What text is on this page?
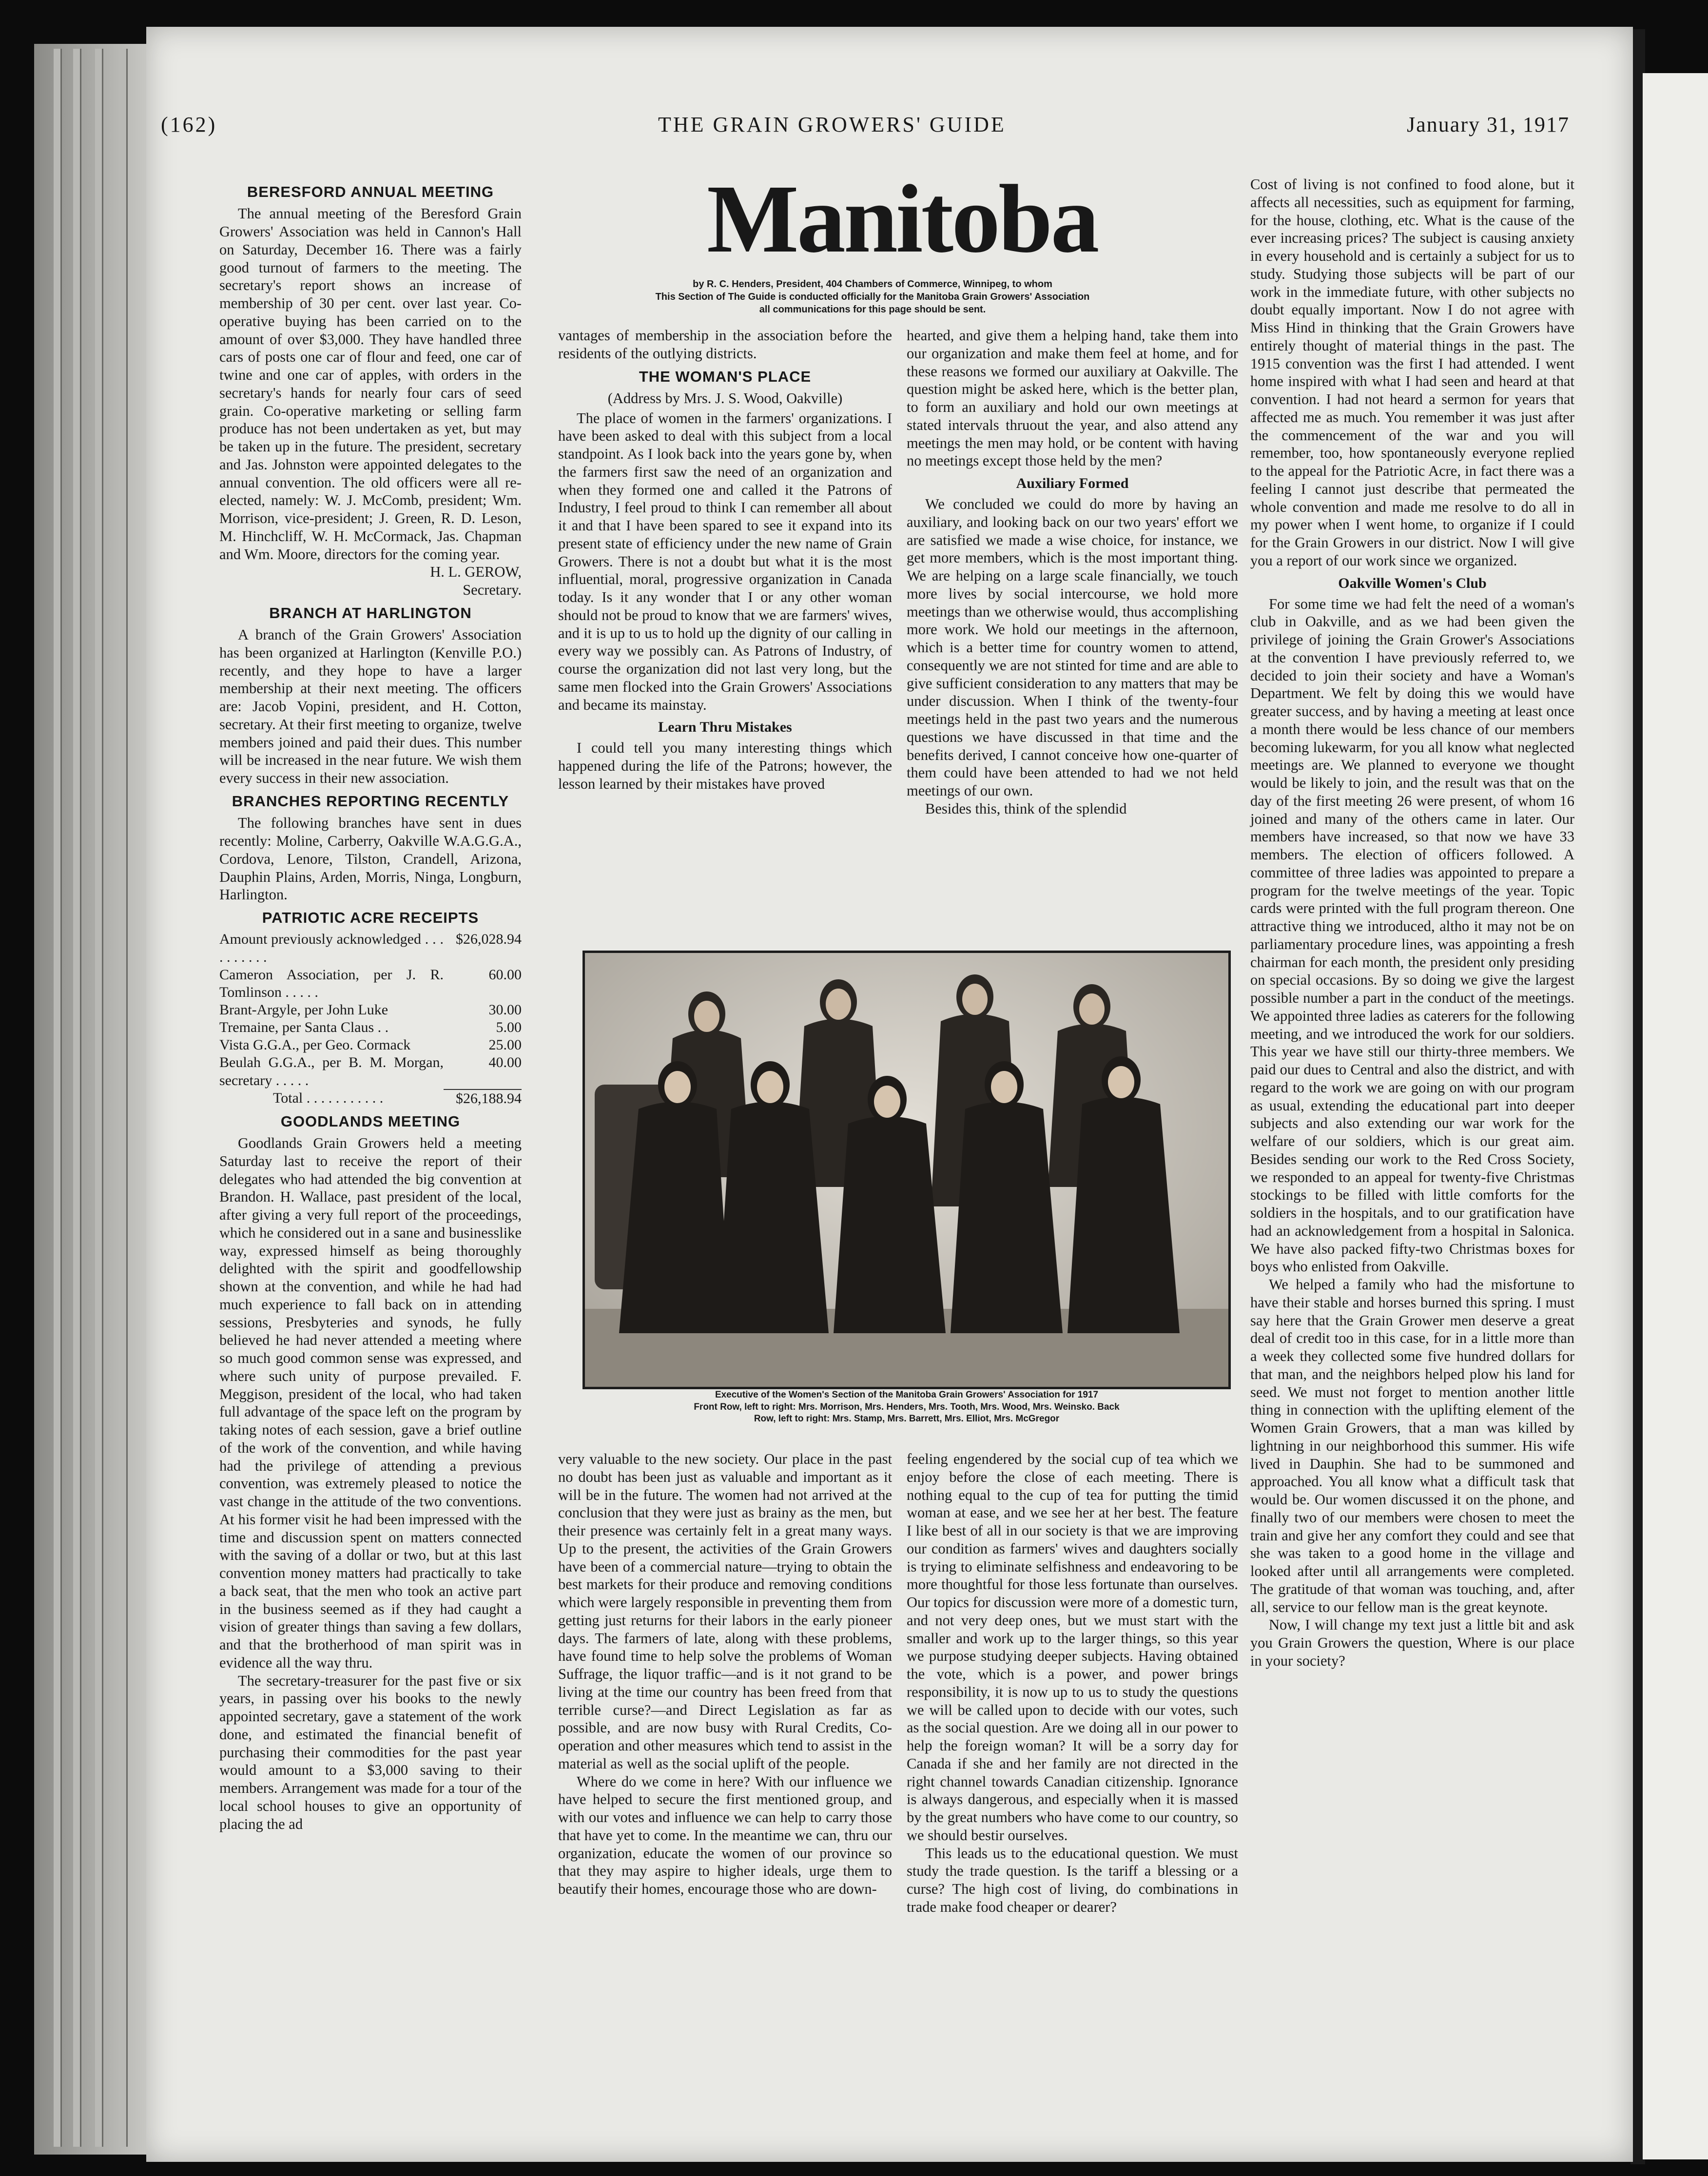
(162)	THE GRAIN GROWERS' GUIDE	January 31, 1917
Manitoba
by R. C. Henders, President, 404 Chambers of Commerce, Winnipeg, to whom
This Section of The Guide is conducted officially for the Manitoba Grain Growers' Association
all communications for this page should be sent.
BERESFORD ANNUAL MEETING

The annual meeting of the Beresford Grain Growers' Association was held in Cannon's Hall on Saturday, December 16. There was a fairly good turnout of farmers to the meeting. The secretary's report shows an increase of membership of 30 per cent. over last year. Co-operative buying has been carried on to the amount of over $3,000. They have handled three cars of posts one car of flour and feed, one car of twine and one car of apples, with orders in the secretary's hands for nearly four cars of seed grain. Co-operative marketing or selling farm produce has not been undertaken as yet, but may be taken up in the future. The president, secretary and Jas. Johnston were appointed delegates to the annual convention. The old officers were all re-elected, namely: W. J. McComb, president; Wm. Morrison, vice-president; J. Green, R. D. Leson, M. Hinchcliff, W. H. McCormack, Jas. Chapman and Wm. Moore, directors for the coming year.

H. L. GEROW,

Secretary.

BRANCH AT HARLINGTON

A branch of the Grain Growers' Association has been organized at Harlington (Kenville P.O.) recently, and they hope to have a larger membership at their next meeting. The officers are: Jacob Vopini, president, and H. Cotton, secretary. At their first meeting to organize, twelve members joined and paid their dues. This number will be increased in the near future. We wish them every success in their new association.

BRANCHES REPORTING RECENTLY

The following branches have sent in dues recently: Moline, Carberry, Oakville W.A.G.G.A., Cordova, Lenore, Tilston, Crandell, Arizona, Dauphin Plains, Arden, Morris, Ninga, Longburn, Harlington.

PATRIOTIC ACRE RECEIPTS
Amount previously acknowledged . . . . . . . . . .	$26,028.94
Cameron Association, per J. R. Tomlinson . . . . .	60.00
Brant-Argyle, per John Luke	30.00
Tremaine, per Santa Claus . .	5.00
Vista G.G.A., per Geo. Cormack	25.00
Beulah G.G.A., per B. M. Morgan, secretary . . . . .	40.00
Total . . . . . . . . . . .	$26,188.94
GOODLANDS MEETING

Goodlands Grain Growers held a meeting Saturday last to receive the report of their delegates who had attended the big convention at Brandon. H. Wallace, past president of the local, after giving a very full report of the proceedings, which he considered out in a sane and businesslike way, expressed himself as being thoroughly delighted with the spirit and goodfellowship shown at the convention, and while he had had much experience to fall back on in attending sessions, Presbyteries and synods, he fully believed he had never attended a meeting where so much good common sense was expressed, and where such unity of purpose prevailed. F. Meggison, president of the local, who had taken full advantage of the space left on the program by taking notes of each session, gave a brief outline of the work of the convention, and while having had the privilege of attending a previous convention, was extremely pleased to notice the vast change in the attitude of the two conventions. At his former visit he had been impressed with the time and discussion spent on matters connected with the saving of a dollar or two, but at this last convention money matters had practically to take a back seat, that the men who took an active part in the business seemed as if they had caught a vision of greater things than saving a few dollars, and that the brotherhood of man spirit was in evidence all the way thru.

The secretary-treasurer for the past five or six years, in passing over his books to the newly appointed secretary, gave a statement of the work done, and estimated the financial benefit of purchasing their commodities for the past year would amount to a $3,000 saving to their members. Arrangement was made for a tour of the local school houses to give an opportunity of placing the ad

vantages of membership in the association before the residents of the outlying districts.

THE WOMAN'S PLACE

(Address by Mrs. J. S. Wood, Oakville)

The place of women in the farmers' organizations. I have been asked to deal with this subject from a local standpoint. As I look back into the years gone by, when the farmers first saw the need of an organization and when they formed one and called it the Patrons of Industry, I feel proud to think I can remember all about it and that I have been spared to see it expand into its present state of efficiency under the new name of Grain Growers. There is not a doubt but what it is the most influential, moral, progressive organization in Canada today. Is it any wonder that I or any other woman should not be proud to know that we are farmers' wives, and it is up to us to hold up the dignity of our calling in every way we possibly can. As Patrons of Industry, of course the organization did not last very long, but the same men flocked into the Grain Growers' Associations and became its mainstay.

Learn Thru Mistakes

I could tell you many interesting things which happened during the life of the Patrons; however, the lesson learned by their mistakes have proved

hearted, and give them a helping hand, take them into our organization and make them feel at home, and for these reasons we formed our auxiliary at Oakville. The question might be asked here, which is the better plan, to form an auxiliary and hold our own meetings at stated intervals thruout the year, and also attend any meetings the men may hold, or be content with having no meetings except those held by the men?

Auxiliary Formed

We concluded we could do more by having an auxiliary, and looking back on our two years' effort we are satisfied we made a wise choice, for instance, we get more members, which is the most important thing. We are helping on a large scale financially, we touch more lives by social intercourse, we hold more meetings than we otherwise would, thus accomplishing more work. We hold our meetings in the afternoon, which is a better time for country women to attend, consequently we are not stinted for time and are able to give sufficient consideration to any matters that may be under discussion. When I think of the twenty-four meetings held in the past two years and the numerous questions we have discussed in that time and the benefits derived, I cannot conceive how one-quarter of them could have been attended to had we not held meetings of our own.

Besides this, think of the splendid

Executive of the Women's Section of the Manitoba Grain Growers' Association for 1917
Front Row, left to right: Mrs. Morrison, Mrs. Henders, Mrs. Tooth, Mrs. Wood, Mrs. Weinsko. Back
Row, left to right: Mrs. Stamp, Mrs. Barrett, Mrs. Elliot, Mrs. McGregor

very valuable to the new society. Our place in the past no doubt has been just as valuable and important as it will be in the future. The women had not arrived at the conclusion that they were just as brainy as the men, but their presence was certainly felt in a great many ways. Up to the present, the activities of the Grain Growers have been of a commercial nature—trying to obtain the best markets for their produce and removing conditions which were largely responsible in preventing them from getting just returns for their labors in the early pioneer days. The farmers of late, along with these problems, have found time to help solve the problems of Woman Suffrage, the liquor traffic—and is it not grand to be living at the time our country has been freed from that terrible curse?—and Direct Legislation as far as possible, and are now busy with Rural Credits, Co-operation and other measures which tend to assist in the material as well as the social uplift of the people.

Where do we come in here? With our influence we have helped to secure the first mentioned group, and with our votes and influence we can help to carry those that have yet to come. In the meantime we can, thru our organization, educate the women of our province so that they may aspire to higher ideals, urge them to beautify their homes, encourage those who are down-

feeling engendered by the social cup of tea which we enjoy before the close of each meeting. There is nothing equal to the cup of tea for putting the timid woman at ease, and we see her at her best. The feature I like best of all in our society is that we are improving our condition as farmers' wives and daughters socially is trying to eliminate selfishness and endeavoring to be more thoughtful for those less fortunate than ourselves. Our topics for discussion were more of a domestic turn, and not very deep ones, but we must start with the smaller and work up to the larger things, so this year we purpose studying deeper subjects. Having obtained the vote, which is a power, and power brings responsibility, it is now up to us to study the questions we will be called upon to decide with our votes, such as the social question. Are we doing all in our power to help the foreign woman? It will be a sorry day for Canada if she and her family are not directed in the right channel towards Canadian citizenship. Ignorance is always dangerous, and especially when it is massed by the great numbers who have come to our country, so we should bestir ourselves.

This leads us to the educational question. We must study the trade question. Is the tariff a blessing or a curse? The high cost of living, do combinations in trade make food cheaper or dearer?

Cost of living is not confined to food alone, but it affects all necessities, such as equipment for farming, for the house, clothing, etc. What is the cause of the ever increasing prices? The subject is causing anxiety in every household and is certainly a subject for us to study. Studying those subjects will be part of our work in the immediate future, with other subjects no doubt equally important. Now I do not agree with Miss Hind in thinking that the Grain Growers have entirely thought of material things in the past. The 1915 convention was the first I had attended. I went home inspired with what I had seen and heard at that convention. I had not heard a sermon for years that affected me as much. You remember it was just after the commencement of the war and you will remember, too, how spontaneously everyone replied to the appeal for the Patriotic Acre, in fact there was a feeling I cannot just describe that permeated the whole convention and made me resolve to do all in my power when I went home, to organize if I could for the Grain Growers in our district. Now I will give you a report of our work since we organized.

Oakville Women's Club

For some time we had felt the need of a woman's club in Oakville, and as we had been given the privilege of joining the Grain Grower's Associations at the convention I have previously referred to, we decided to join their society and have a Woman's Department. We felt by doing this we would have greater success, and by having a meeting at least once a month there would be less chance of our members becoming lukewarm, for you all know what neglected meetings are. We planned to everyone we thought would be likely to join, and the result was that on the day of the first meeting 26 were present, of whom 16 joined and many of the others came in later. Our members have increased, so that now we have 33 members. The election of officers followed. A committee of three ladies was appointed to prepare a program for the twelve meetings of the year. Topic cards were printed with the full program thereon. One attractive thing we introduced, altho it may not be on parliamentary procedure lines, was appointing a fresh chairman for each month, the president only presiding on special occasions. By so doing we give the largest possible number a part in the conduct of the meetings. We appointed three ladies as caterers for the following meeting, and we introduced the work for our soldiers. This year we have still our thirty-three members. We paid our dues to Central and also the district, and with regard to the work we are going on with our program as usual, extending the educational part into deeper subjects and also extending our war work for the welfare of our soldiers, which is our great aim. Besides sending our work to the Red Cross Society, we responded to an appeal for twenty-five Christmas stockings to be filled with little comforts for the soldiers in the hospitals, and to our gratification have had an acknowledgement from a hospital in Salonica. We have also packed fifty-two Christmas boxes for boys who enlisted from Oakville.

We helped a family who had the misfortune to have their stable and horses burned this spring. I must say here that the Grain Grower men deserve a great deal of credit too in this case, for in a little more than a week they collected some five hundred dollars for that man, and the neighbors helped plow his land for seed. We must not forget to mention another little thing in connection with the uplifting element of the Women Grain Growers, that a man was killed by lightning in our neighborhood this summer. His wife lived in Dauphin. She had to be summoned and approached. You all know what a difficult task that would be. Our women discussed it on the phone, and finally two of our members were chosen to meet the train and give her any comfort they could and see that she was taken to a good home in the village and looked after until all arrangements were completed. The gratitude of that woman was touching, and, after all, service to our fellow man is the great keynote.

Now, I will change my text just a little bit and ask you Grain Growers the question, Where is our place in your society?
